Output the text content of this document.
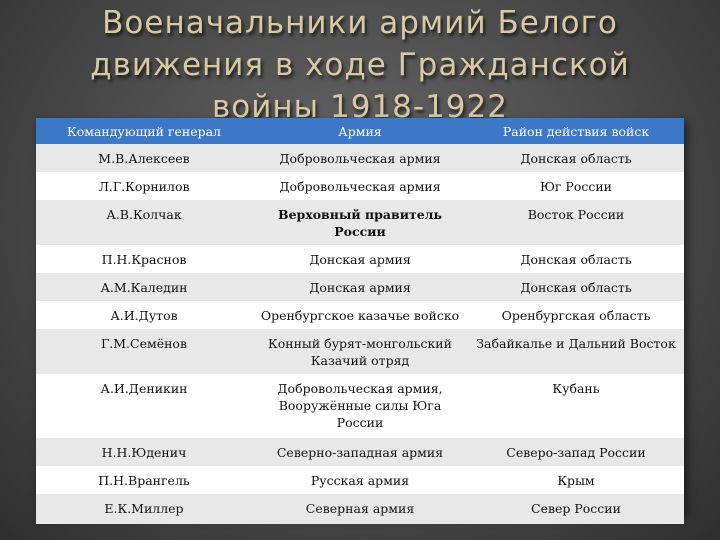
Военачальники армий Белого
движения в ходе Гражданской
войны 1918-1922
Командующий генерал	Армия	Район действия войск
М.В.Алексеев	Добровольческая армия	Донская область
Л.Г.Корнилов	Добровольческая армия	Юг России
А.В.Колчак	Верховный правитель России	Восток России
П.Н.Краснов	Донская армия	Донская область
А.М.Каледин	Донская армия	Донская область
А.И.Дутов	Оренбургское казачье войско	Оренбургская область
Г.М.Семёнов	Конный бурят-монгольский Казачий отряд	Забайкалье и Дальний Восток
А.И.Деникин	Добровольческая армия, Вооружённые силы Юга России	Кубань
Н.Н.Юденич	Северно-западная армия	Северо-запад России
П.Н.Врангель	Русская армия	Крым
Е.К.Миллер	Северная армия	Север России
